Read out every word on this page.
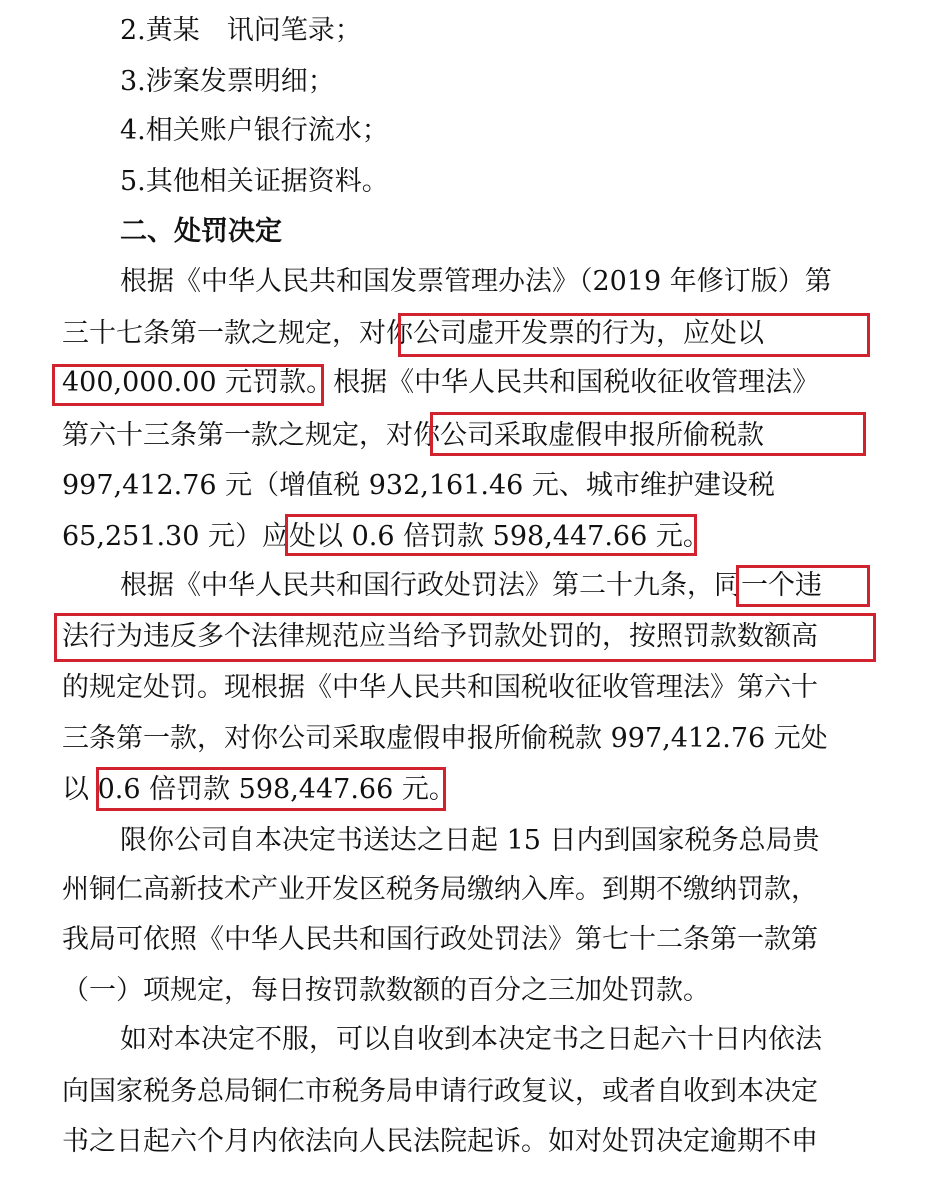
2.黄某　讯问笔录；
3.涉案发票明细；
4.相关账户银行流水；
5.其他相关证据资料。
二、处罚决定
根据《中华人民共和国发票管理办法》（2019 年修订版）第
三十七条第一款之规定，对你公司虚开发票的行为，应处以
400,000.00 元罚款。根据《中华人民共和国税收征收管理法》
第六十三条第一款之规定，对你公司采取虚假申报所偷税款
997,412.76 元（增值税 932,161.46 元、城市维护建设税
65,251.30 元）应处以 0.6 倍罚款 598,447.66 元。
根据《中华人民共和国行政处罚法》第二十九条，同一个违
法行为违反多个法律规范应当给予罚款处罚的，按照罚款数额高
的规定处罚。现根据《中华人民共和国税收征收管理法》第六十
三条第一款，对你公司采取虚假申报所偷税款 997,412.76 元处
以 0.6 倍罚款 598,447.66 元。
限你公司自本决定书送达之日起 15 日内到国家税务总局贵
州铜仁高新技术产业开发区税务局缴纳入库。到期不缴纳罚款，
我局可依照《中华人民共和国行政处罚法》第七十二条第一款第
（一）项规定，每日按罚款数额的百分之三加处罚款。
如对本决定不服，可以自收到本决定书之日起六十日内依法
向国家税务总局铜仁市税务局申请行政复议，或者自收到本决定
书之日起六个月内依法向人民法院起诉。如对处罚决定逾期不申
